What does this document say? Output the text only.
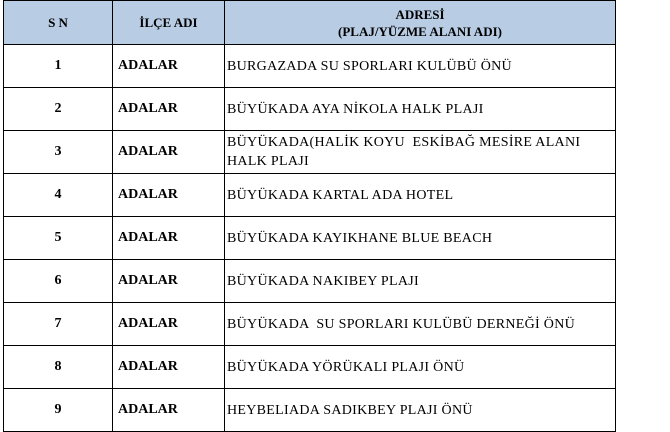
S N	İLÇE ADI	ADRESİ
(PLAJ/YÜZME ALANI ADI)

1	ADALAR	BURGAZADA SU SPORLARI KULÜBÜ ÖNÜ
2	ADALAR	BÜYÜKADA AYA NİKOLA HALK PLAJI
3	ADALAR	BÜYÜKADA(HALİK KOYU  ESKİBAĞ MESİRE ALANI HALK PLAJI
4	ADALAR	BÜYÜKADA KARTAL ADA HOTEL
5	ADALAR	BÜYÜKADA KAYIKHANE BLUE BEACH
6	ADALAR	BÜYÜKADA NAKIBEY PLAJI
7	ADALAR	BÜYÜKADA  SU SPORLARI KULÜBÜ DERNEĞİ ÖNÜ
8	ADALAR	BÜYÜKADA YÖRÜKALI PLAJI ÖNÜ
9	ADALAR	HEYBELIADA SADIKBEY PLAJI ÖNÜ
